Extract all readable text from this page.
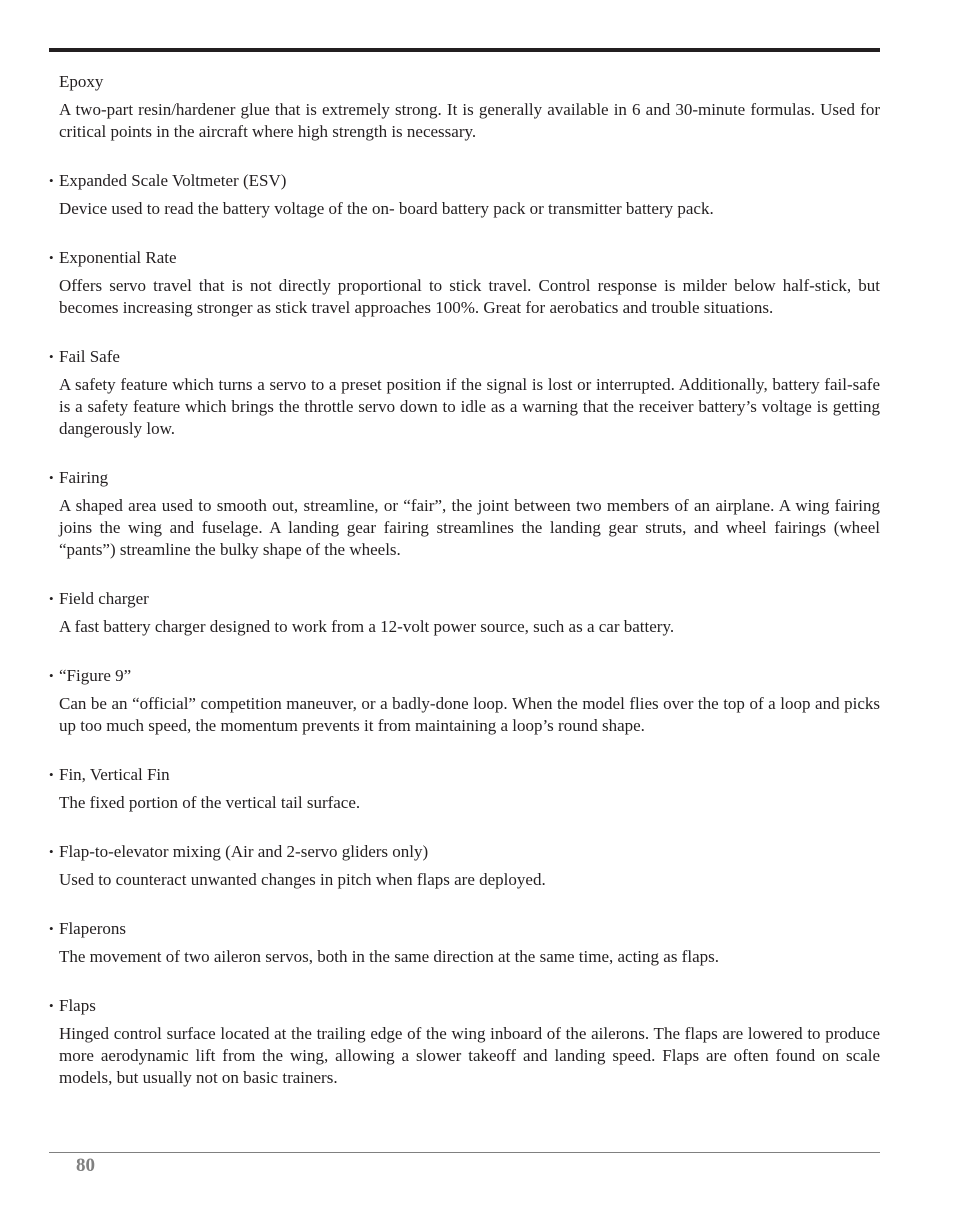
Epoxy

A two-part resin/hardener glue that is extremely strong. It is generally available in 6 and 30-minute formulas. Used for critical points in the aircraft where high strength is necessary.

• Expanded Scale Voltmeter (ESV)

Device used to read the battery voltage of the on- board battery pack or transmitter battery pack.

• Exponential Rate

Offers servo travel that is not directly proportional to stick travel. Control response is milder below half-stick, but becomes increasing stronger as stick travel approaches 100%. Great for aerobatics and trouble situations.

• Fail Safe

A safety feature which turns a servo to a preset position if the signal is lost or interrupted. Additionally, battery fail-safe is a safety feature which brings the throttle servo down to idle as a warning that the receiver battery’s voltage is getting dangerously low.

• Fairing

A shaped area used to smooth out, streamline, or “fair”, the joint between two members of an airplane. A wing fairing joins the wing and fuselage. A landing gear fairing streamlines the landing gear struts, and wheel fairings (wheel “pants”) streamline the bulky shape of the wheels.

• Field charger

A fast battery charger designed to work from a 12-volt power source, such as a car battery.

• “Figure 9”

Can be an “official” competition maneuver, or a badly-done loop. When the model flies over the top of a loop and picks up too much speed, the momentum prevents it from maintaining a loop’s round shape.

• Fin, Vertical Fin

The fixed portion of the vertical tail surface.

• Flap-to-elevator mixing (Air and 2-servo gliders only)

Used to counteract unwanted changes in pitch when flaps are deployed.

• Flaperons

The movement of two aileron servos, both in the same direction at the same time, acting as flaps.

• Flaps

Hinged control surface located at the trailing edge of the wing inboard of the ailerons. The flaps are lowered to produce more aerodynamic lift from the wing, allowing a slower takeoff and landing speed. Flaps are often found on scale models, but usually not on basic trainers.

80
